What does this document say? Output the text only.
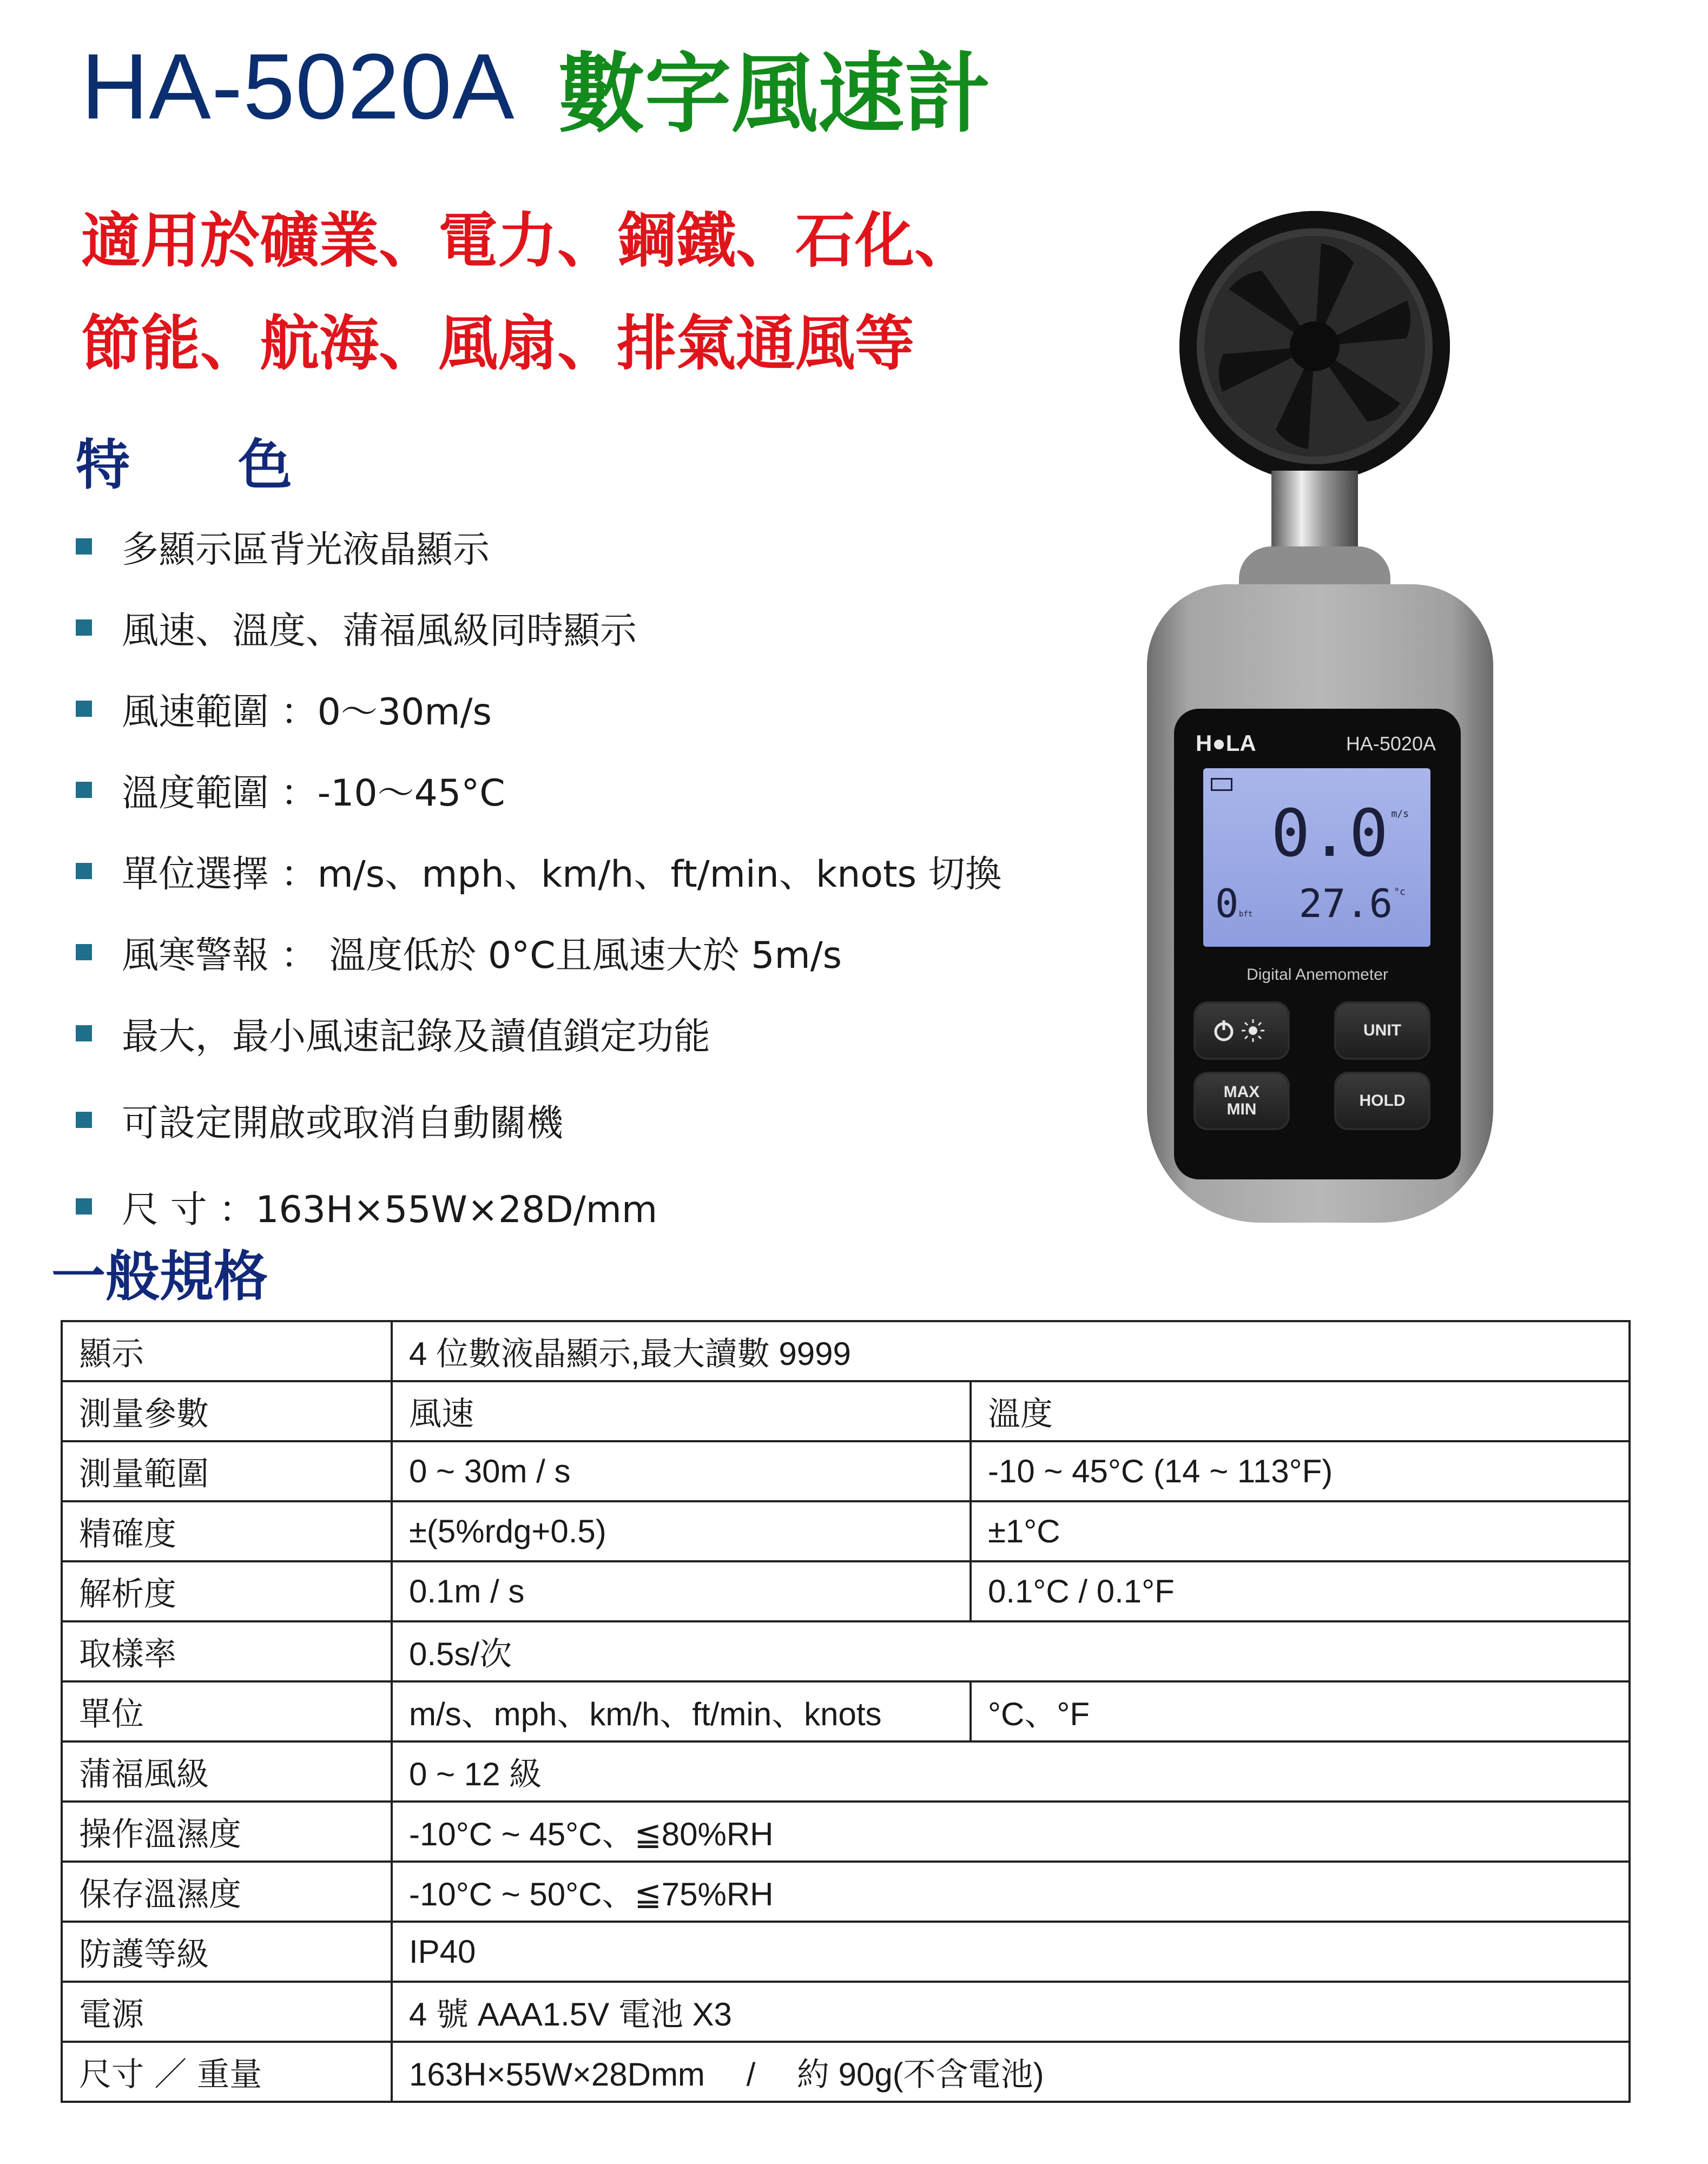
HA-5020A 數字風速計
適用於礦業、電力、鋼鐵、石化、
節能、航海、風扇、排氣通風等
特　　色
多顯示區背光液晶顯示
風速、溫度、蒲福風級同時顯示
風速範圍 ：0～30m/s
溫度範圍 ：-10～45°C
單位選擇 ：m/s、mph、km/h、ft/min、knots 切換
風寒警報 ： 溫度低於 0°C且風速大於 5m/s
最大，最小風速記錄及讀值鎖定功能
可設定開啟或取消自動關機
尺 寸 ：163H×55W×28D/mm
一般規格
顯示	4 位數液晶顯示,最大讀數 9999	
測量參數	風速	溫度
測量範圍	0 ~ 30m / s	-10 ~ 45°C (14 ~ 113°F)
精確度	±(5%rdg+0.5)	±1°C
解析度	0.1m / s	0.1°C / 0.1°F
取樣率	0.5s/次	
單位	m/s、mph、km/h、ft/min、knots	°C、°F
蒲福風級	0 ~ 12 級	
操作溫濕度	-10°C ~ 45°C、≦80%RH	
保存溫濕度	-10°C ~ 50°C、≦75%RH	
防護等級	IP40	
電源	4 號 AAA1.5V 電池 X3	
尺寸 ／ 重量	163H×55W×28Dmm　 /　 約 90g(不含電池)	
H●LA	HA-5020A
0.0 m/s
0 bft 27.6 °c
Digital Anemometer
UNIT
MAX
MIN	HOLD
